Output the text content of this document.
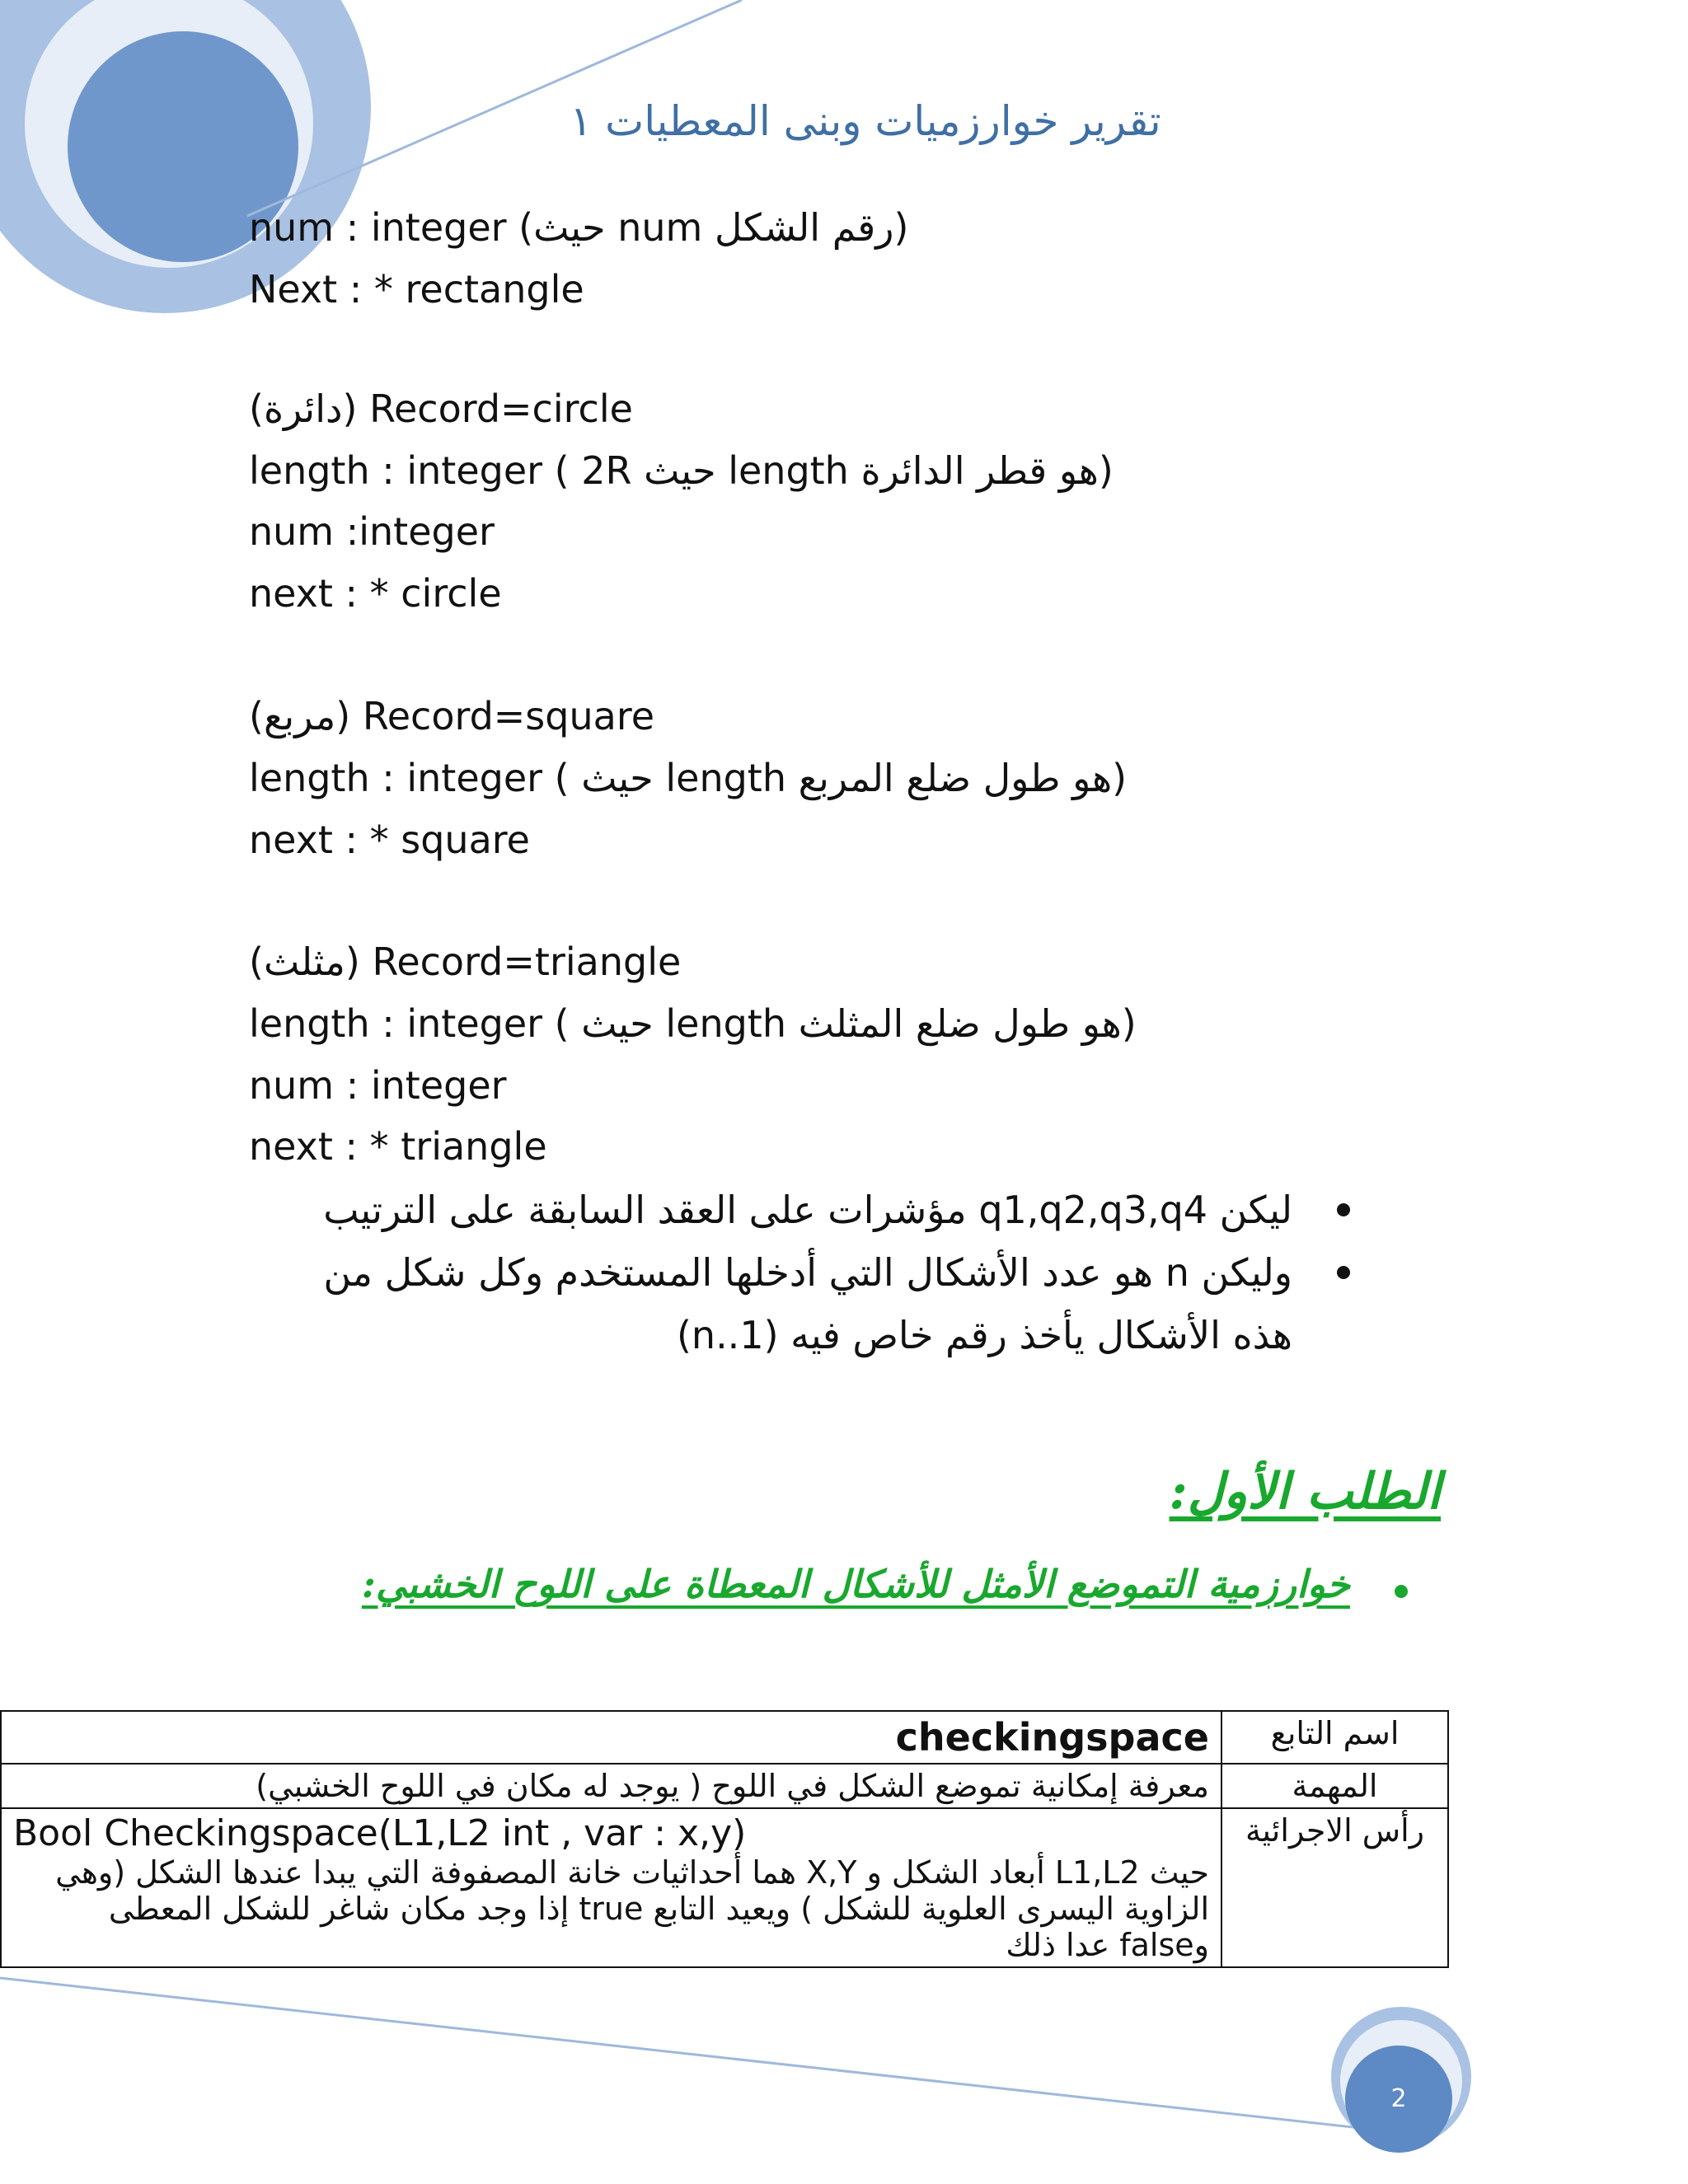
تقرير خوارزميات وبنى المعطيات ١
num : integer (حيث num رقم الشكل)
Next : * rectangle
(دائرة) Record=circle
length : integer ( 2R حيث length هو قطر الدائرة)
num :integer
next : * circle
(مربع) Record=square
length : integer ( حيث length هو طول ضلع المربع)
next : * square
(مثلث) Record=triangle
length : integer ( حيث length هو طول ضلع المثلث)
num : integer
next : * triangle
ليكن q1,q2,q3,q4 مؤشرات على العقد السابقة على الترتيب
وليكن n هو عدد الأشكال التي أدخلها المستخدم وكل شكل من هذه الأشكال يأخذ رقم خاص فيه (1..n)
الطلب الأول:
خوارزمية التموضع الأمثل للأشكال المعطاة على اللوح الخشبي:
اسم التابع	checkingspace
المهمة	معرفة إمكانية تموضع الشكل في اللوح ( يوجد له مكان في اللوح الخشبي)
رأس الاجرائية	Bool Checkingspace(L1,L2 int , var : x,y)
حيث L1,L2 أبعاد الشكل و X,Y هما أحداثيات خانة المصفوفة التي يبدا عندها الشكل (وهي الزاوية اليسرى العلوية للشكل ) ويعيد التابع true إذا وجد مكان شاغر للشكل المعطى وfalse عدا ذلك
2
